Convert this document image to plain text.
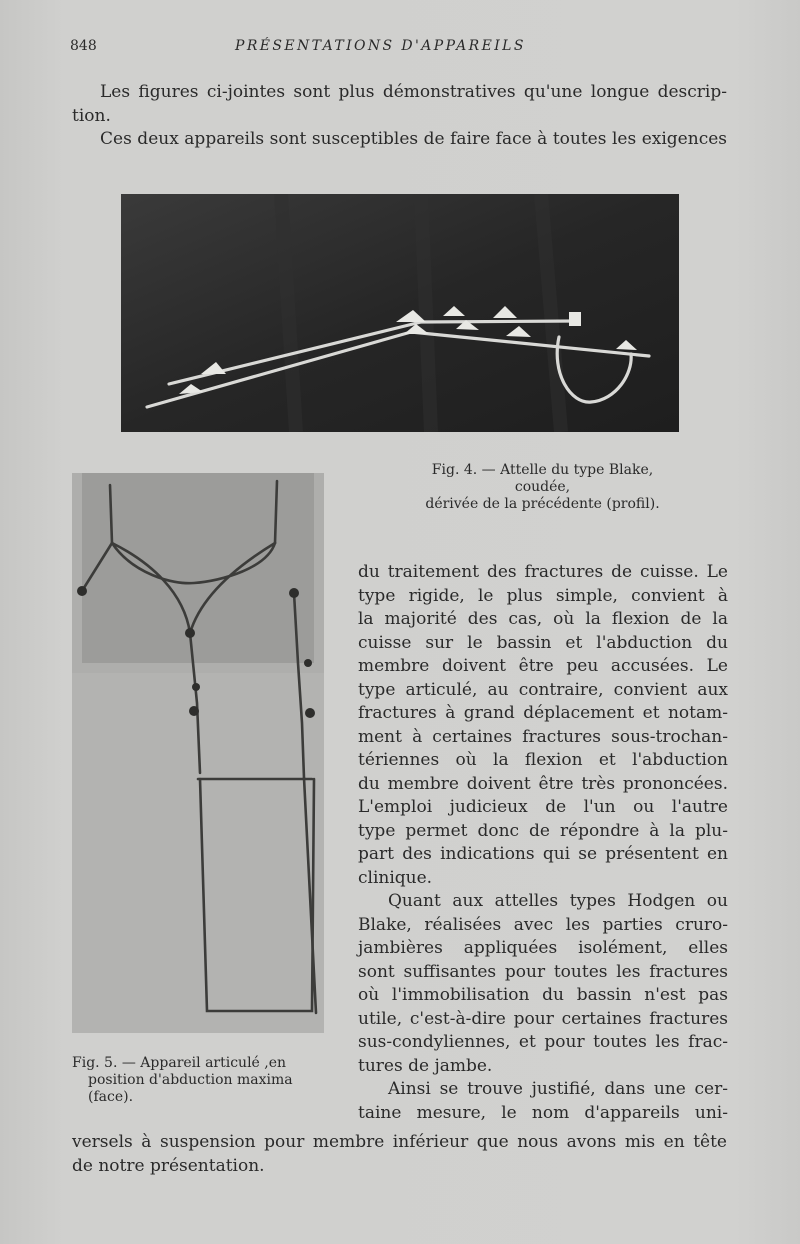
848	PRÉSENTATIONS D'APPAREILS
Les figures ci-jointes sont plus démonstratives qu'une longue descrip-
tion.
Ces deux appareils sont susceptibles de faire face à toutes les exigences
Fig. 4. — Attelle du type Blake,
coudée,
dérivée de la précédente (profil).
Fig. 5. — Appareil articulé ,en
position d'abduction maxima
(face).
du traitement des fractures de cuisse. Le
type rigide, le plus simple, convient à
la majorité des cas, où la flexion de la
cuisse sur le bassin et l'abduction du
membre doivent être peu accusées. Le
type articulé, au contraire, convient aux
fractures à grand déplacement et notam-
ment à certaines fractures sous-trochan-
tériennes où la flexion et l'abduction
du membre doivent être très prononcées.
L'emploi judicieux de l'un ou l'autre
type permet donc de répondre à la plu-
part des indications qui se présentent en
clinique.
Quant aux attelles types Hodgen ou
Blake, réalisées avec les parties cruro-
jambières appliquées isolément, elles
sont suffisantes pour toutes les fractures
où l'immobilisation du bassin n'est pas
utile, c'est-à-dire pour certaines fractures
sus-condyliennes, et pour toutes les frac-
tures de jambe.
Ainsi se trouve justifié, dans une cer-
taine mesure, le nom d'appareils uni-
versels à suspension pour membre inférieur que nous avons mis en tête
de notre présentation.
